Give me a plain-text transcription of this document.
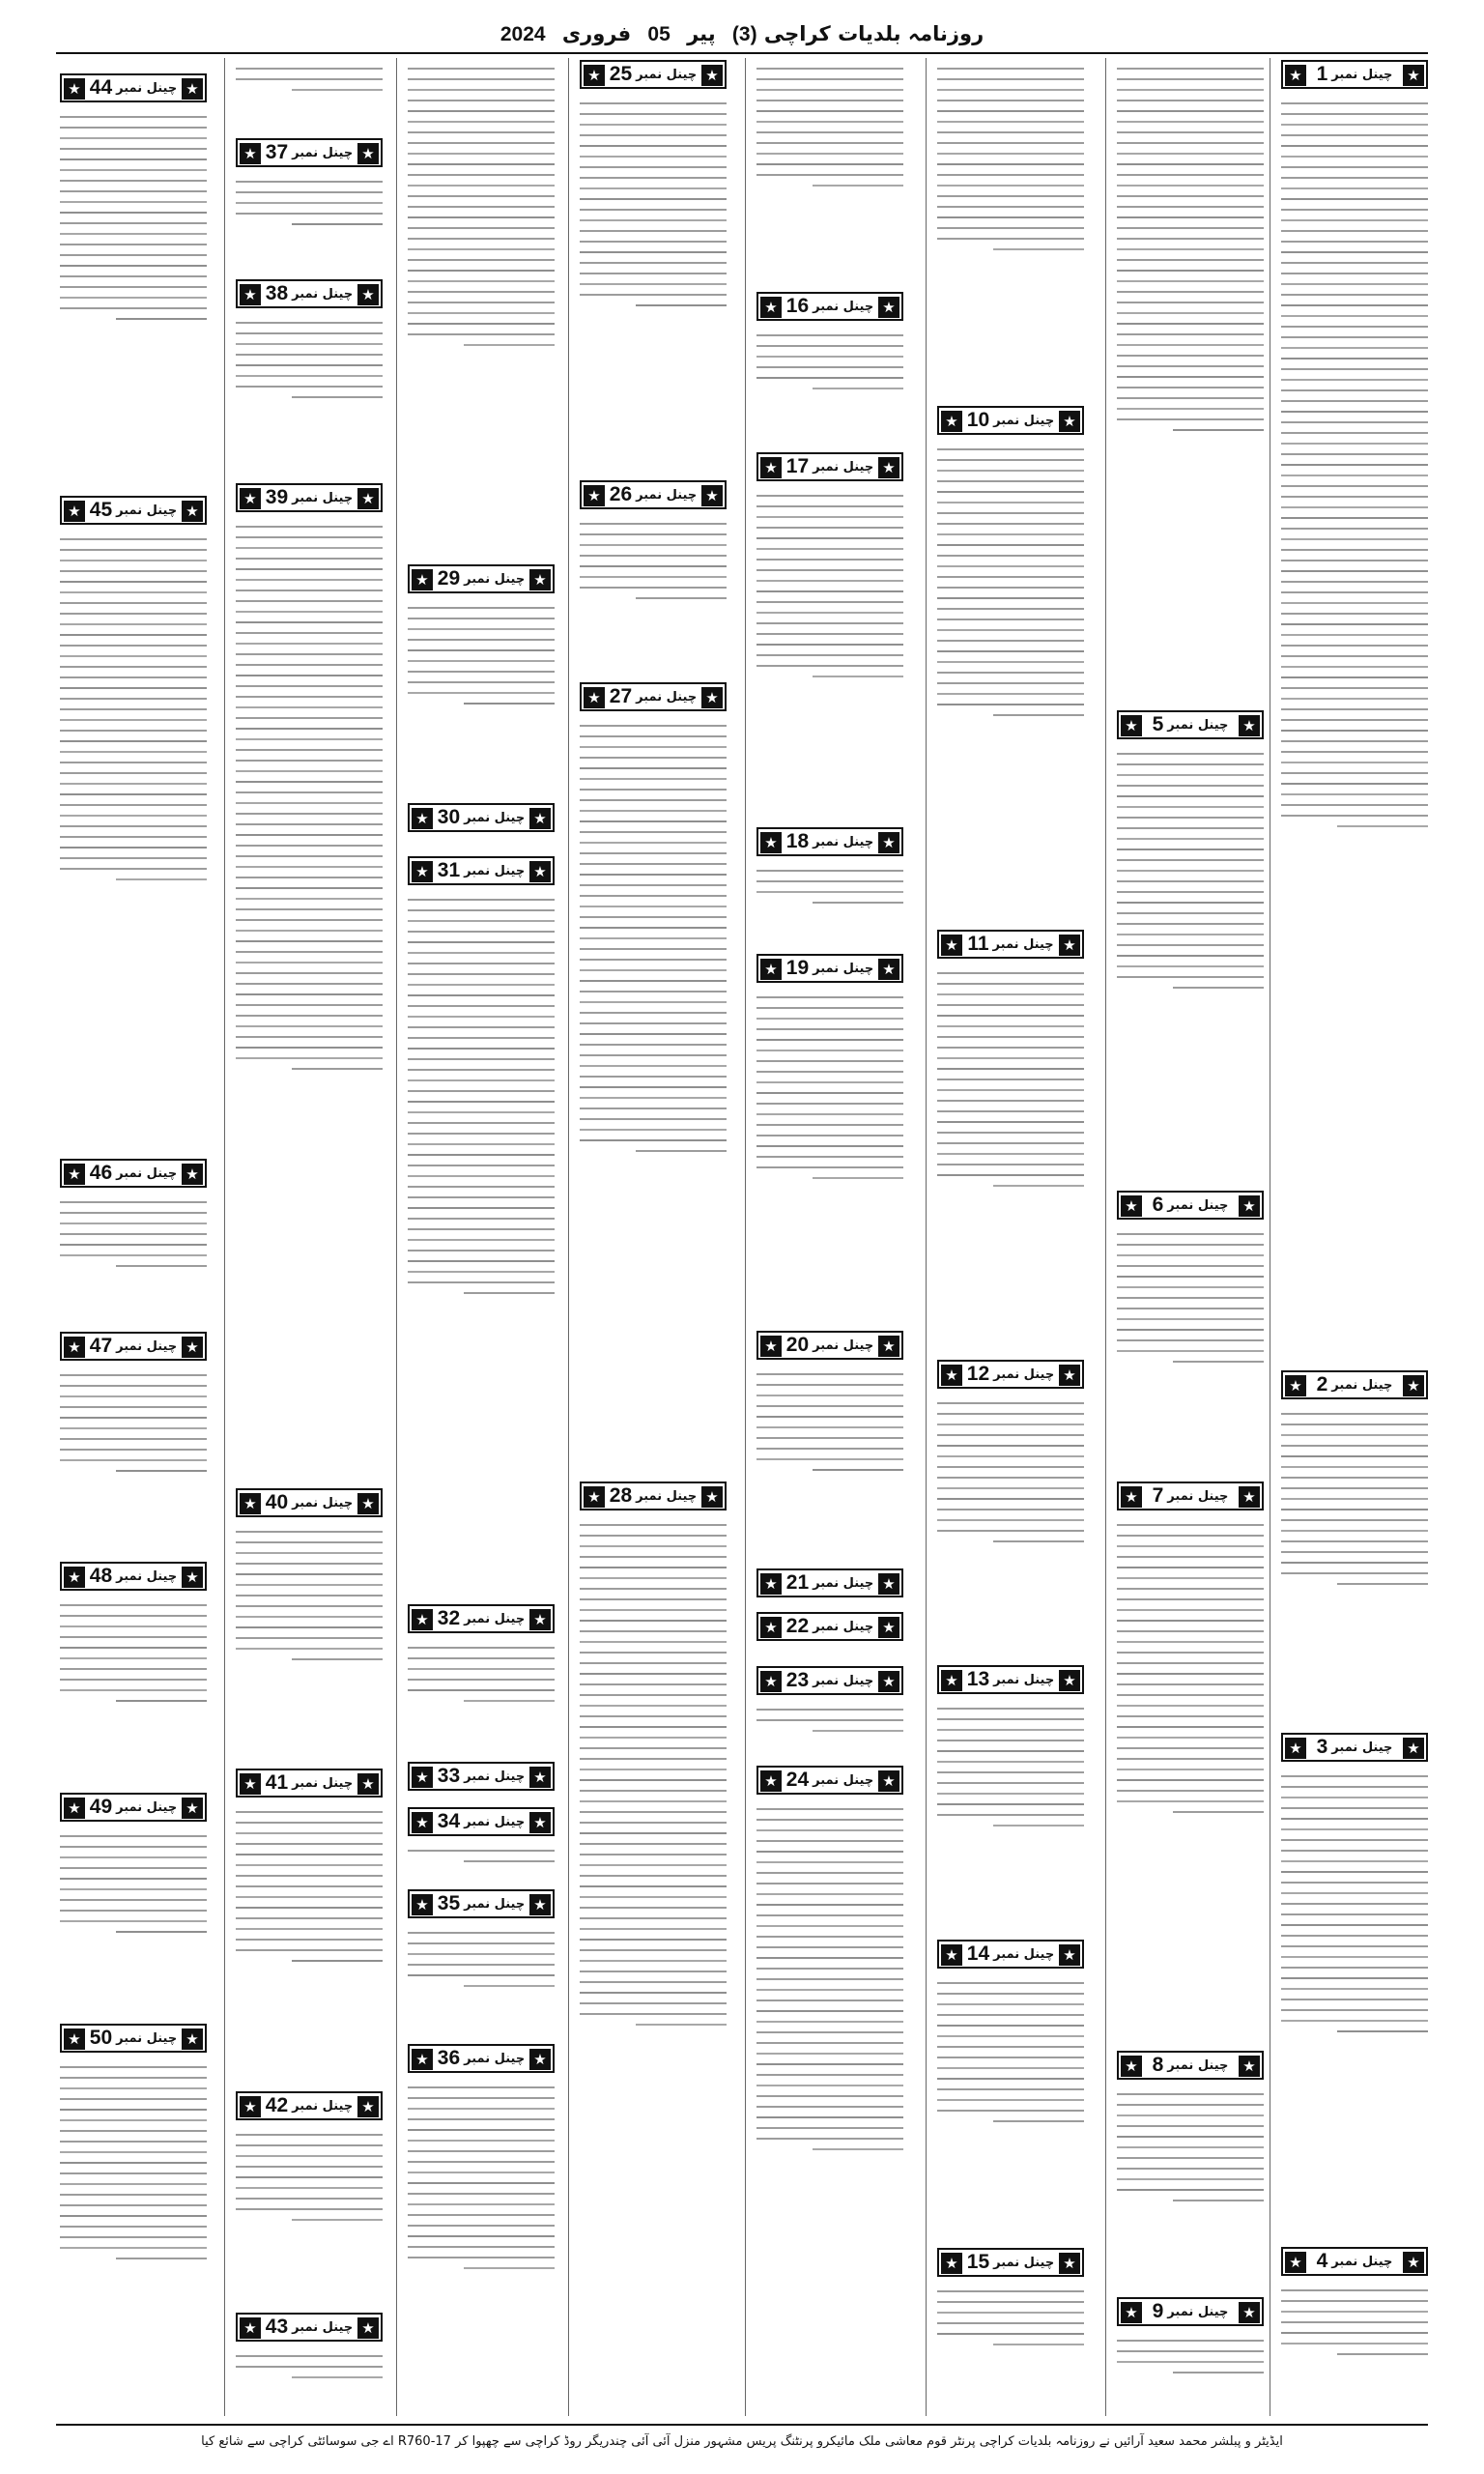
روزنامہ بلدیات کراچی (3) پیر 05 فروری 2024
★
چینل نمبر
1
★
★
چینل نمبر
2
★
★
چینل نمبر
3
★
★
چینل نمبر
4
★
★
چینل نمبر
5
★
★
چینل نمبر
6
★
★
چینل نمبر
7
★
★
چینل نمبر
8
★
★
چینل نمبر
9
★
★
چینل نمبر
10
★
★
چینل نمبر
11
★
★
چینل نمبر
12
★
★
چینل نمبر
13
★
★
چینل نمبر
14
★
★
چینل نمبر
15
★
★
چینل نمبر
16
★
★
چینل نمبر
17
★
★
چینل نمبر
18
★
★
چینل نمبر
19
★
★
چینل نمبر
20
★
★
چینل نمبر
21
★
★
چینل نمبر
22
★
★
چینل نمبر
23
★
★
چینل نمبر
24
★
★
چینل نمبر
25
★
★
چینل نمبر
26
★
★
چینل نمبر
27
★
★
چینل نمبر
28
★
★
چینل نمبر
29
★
★
چینل نمبر
30
★
★
چینل نمبر
31
★
★
چینل نمبر
32
★
★
چینل نمبر
33
★
★
چینل نمبر
34
★
★
چینل نمبر
35
★
★
چینل نمبر
36
★
★
چینل نمبر
37
★
★
چینل نمبر
38
★
★
چینل نمبر
39
★
★
چینل نمبر
40
★
★
چینل نمبر
41
★
★
چینل نمبر
42
★
★
چینل نمبر
43
★
★
چینل نمبر
44
★
★
چینل نمبر
45
★
★
چینل نمبر
46
★
★
چینل نمبر
47
★
★
چینل نمبر
48
★
★
چینل نمبر
49
★
★
چینل نمبر
50
★
ایڈیٹر و پبلشر محمد سعید آرائیں نے روزنامہ بلدیات کراچی پرنٹر قوم معاشی ملک مائیکرو پرنٹنگ پریس مشہور منزل آئی آئی چندریگر روڈ کراچی سے چھپوا کر R760-17 اے جی سوسائٹی کراچی سے شائع کیا
